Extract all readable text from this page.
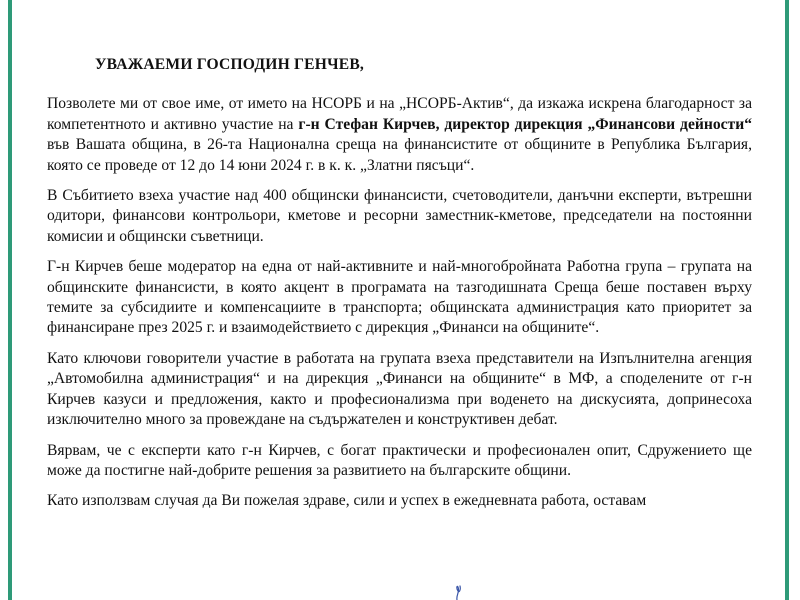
УВАЖАЕМИ ГОСПОДИН ГЕНЧЕВ,

Позволете ми от свое име, от името на НСОРБ и на „НСОРБ-Актив“, да изкажа искрена благодарност за компетентното и активно участие на г-н Стефан Кирчев, директор дирекция „Финансови дейности“ във Вашата община, в 26-та Национална среща на финансистите от общините в Република България, която се проведе от 12 до 14 юни 2024 г. в к. к. „Златни пясъци“.

В Събитието взеха участие над 400 общински финансисти, счетоводители, данъчни експерти, вътрешни одитори, финансови контрольори, кметове и ресорни заместник-кметове, председатели на постоянни комисии и общински съветници.

Г-н Кирчев беше модератор на една от най-активните и най-многобройната Работна група – групата на общинските финансисти, в която акцент в програмата на тазгодишната Среща беше поставен върху темите за субсидиите и компенсациите в транспорта; общинската администрация като приоритет за финансиране през 2025 г. и взаимодействието с дирекция „Финанси на общините“.

Като ключови говорители участие в работата на групата взеха представители на Изпълнителна агенция „Автомобилна администрация“ и на дирекция „Финанси на общините“ в МФ, а споделените от г-н Кирчев казуси и предложения, както и професионализма при воденето на дискусията, допринесоха изключително много за провеждане на съдържателен и конструктивен дебат.

Вярвам, че с експерти като г-н Кирчев, с богат практически и професионален опит, Сдружението ще може да постигне най-добрите решения за развитието на българските общини.

Като използвам случая да Ви пожелая здраве, сили и успех в ежедневната работа, оставам
